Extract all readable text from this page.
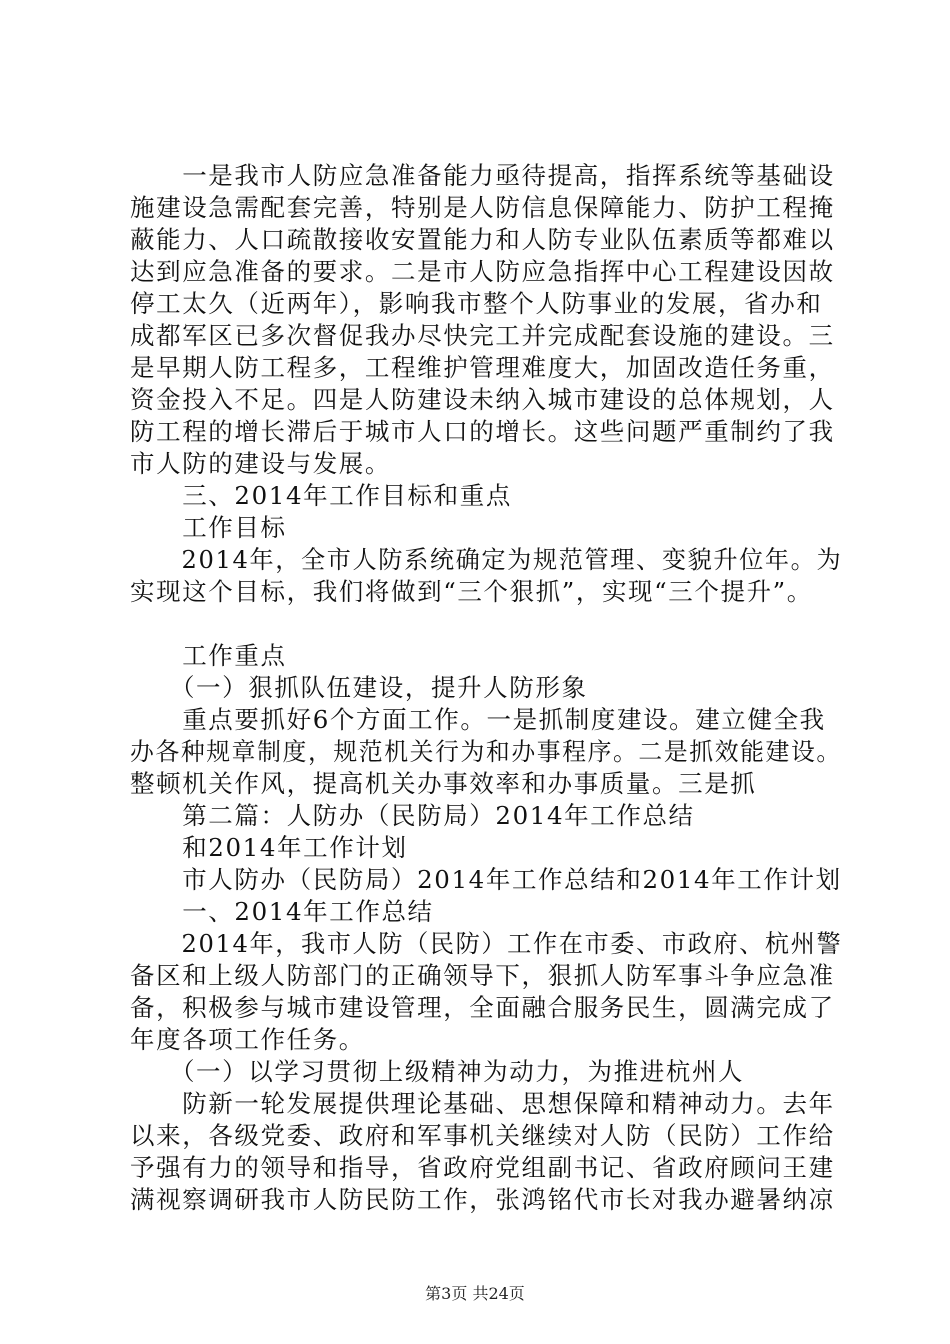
　　一是我市人防应急准备能力亟待提高，指挥系统等基础设
施建设急需配套完善，特别是人防信息保障能力、防护工程掩
蔽能力、人口疏散接收安置能力和人防专业队伍素质等都难以
达到应急准备的要求。二是市人防应急指挥中心工程建设因故
停工太久（近两年），影响我市整个人防事业的发展，省办和
成都军区已多次督促我办尽快完工并完成配套设施的建设。三
是早期人防工程多，工程维护管理难度大，加固改造任务重，
资金投入不足。四是人防建设未纳入城市建设的总体规划，人
防工程的增长滞后于城市人口的增长。这些问题严重制约了我
市人防的建设与发展。
　　三、2014年工作目标和重点
　　工作目标
　　2014年，全市人防系统确定为规范管理、变貌升位年。为
实现这个目标，我们将做到“三个狠抓”，实现“三个提升”。
　　工作重点
　　（一）狠抓队伍建设，提升人防形象
　　重点要抓好6个方面工作。一是抓制度建设。建立健全我
办各种规章制度，规范机关行为和办事程序。二是抓效能建设。
整顿机关作风，提高机关办事效率和办事质量。三是抓
　　第二篇：人防办（民防局）2014年工作总结
　　和2014年工作计划
　　市人防办（民防局）2014年工作总结和2014年工作计划
　　一、2014年工作总结
　　2014年，我市人防（民防）工作在市委、市政府、杭州警
备区和上级人防部门的正确领导下，狠抓人防军事斗争应急准
备，积极参与城市建设管理，全面融合服务民生，圆满完成了
年度各项工作任务。
　　（一）以学习贯彻上级精神为动力，为推进杭州人
　　防新一轮发展提供理论基础、思想保障和精神动力。去年
以来，各级党委、政府和军事机关继续对人防（民防）工作给
予强有力的领导和指导，省政府党组副书记、省政府顾问王建
满视察调研我市人防民防工作，张鸿铭代市长对我办避暑纳凉
第3页 共24页
